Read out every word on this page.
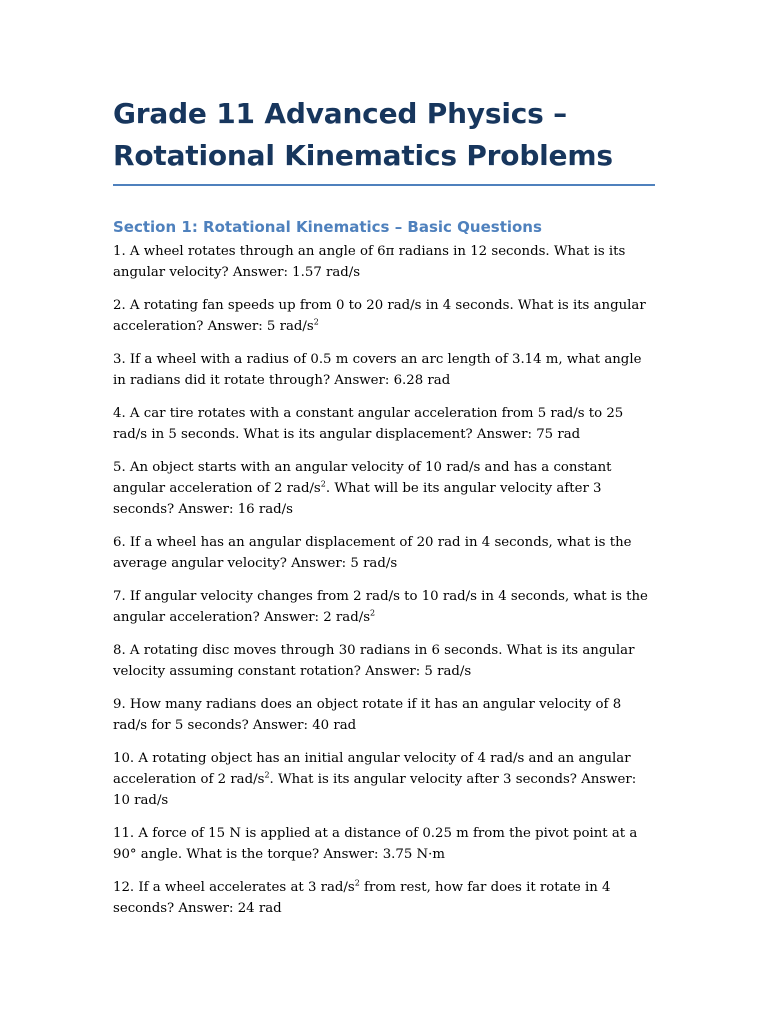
Grade 11 Advanced Physics – Rotational Kinematics Problems
Section 1: Rotational Kinematics – Basic Questions

1. A wheel rotates through an angle of 6π radians in 12 seconds. What is its angular velocity? Answer: 1.57 rad/s

2. A rotating fan speeds up from 0 to 20 rad/s in 4 seconds. What is its angular acceleration? Answer: 5 rad/$s^2$

3. If a wheel with a radius of 0.5 m covers an arc length of 3.14 m, what angle in radians did it rotate through? Answer: 6.28 rad

4. A car tire rotates with a constant angular acceleration from 5 rad/s to 25 rad/s in 5 seconds. What is its angular displacement? Answer: 75 rad

5. An object starts with an angular velocity of 10 rad/s and has a constant angular acceleration of 2 rad/$s^2$. What will be its angular velocity after 3 seconds? Answer: 16 rad/s

6. If a wheel has an angular displacement of 20 rad in 4 seconds, what is the average angular velocity? Answer: 5 rad/s

7. If angular velocity changes from 2 rad/s to 10 rad/s in 4 seconds, what is the angular acceleration? Answer: 2 rad/$s^2$

8. A rotating disc moves through 30 radians in 6 seconds. What is its angular velocity assuming constant rotation? Answer: 5 rad/s

9. How many radians does an object rotate if it has an angular velocity of 8 rad/s for 5 seconds? Answer: 40 rad

10. A rotating object has an initial angular velocity of 4 rad/s and an angular acceleration of 2 rad/$s^2$. What is its angular velocity after 3 seconds? Answer: 10 rad/s

11. A force of 15 N is applied at a distance of 0.25 m from the pivot point at a 90° angle. What is the torque? Answer: 3.75 N·m

12. If a wheel accelerates at 3 rad/$s^2$ from rest, how far does it rotate in 4 seconds? Answer: 24 rad
